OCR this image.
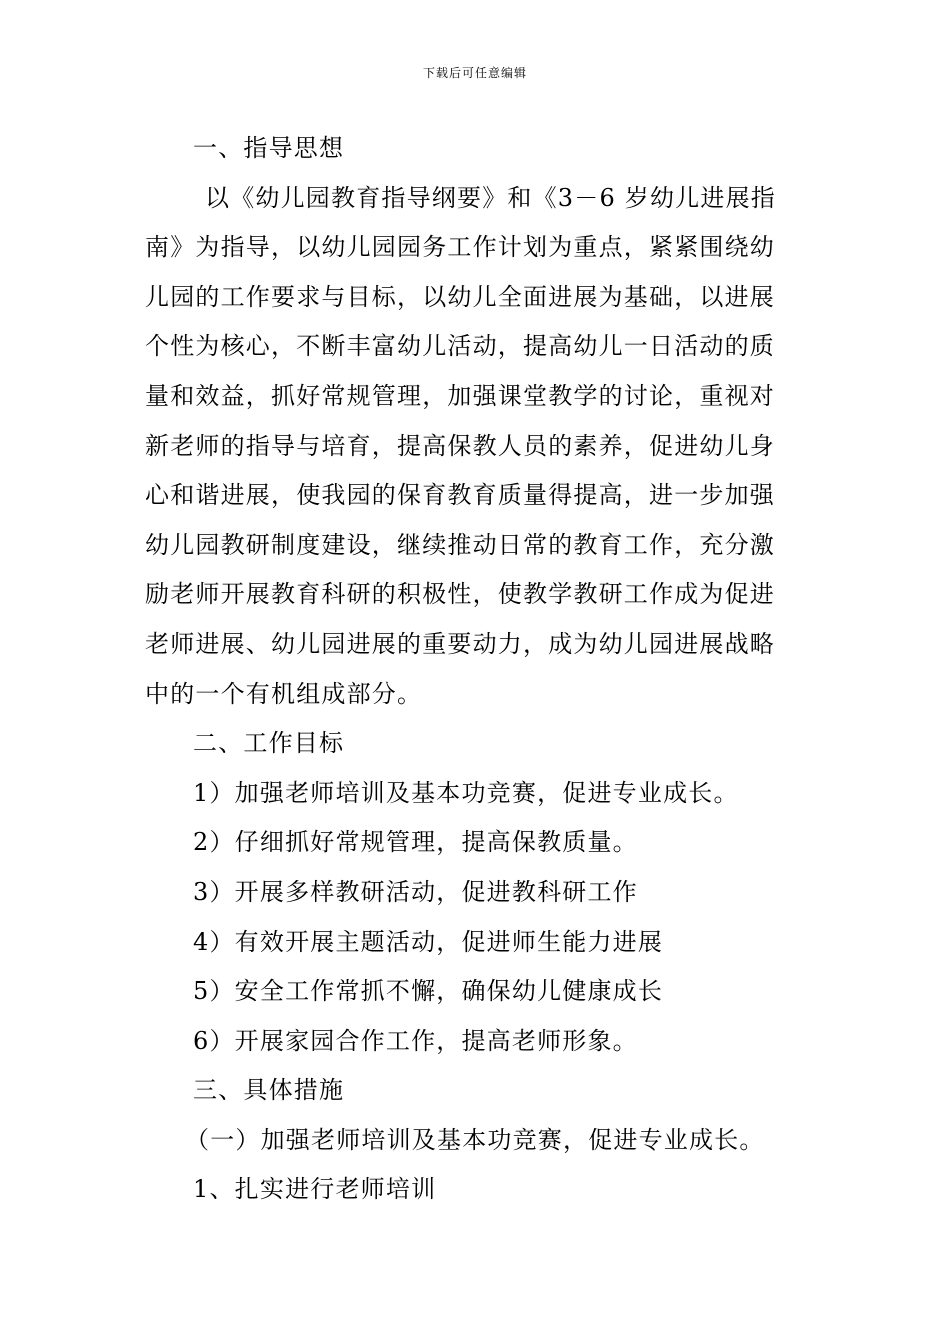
下载后可任意编辑
一、指导思想
以《幼儿园教育指导纲要》和《3－6 岁幼儿进展指
南》为指导，以幼儿园园务工作计划为重点，紧紧围绕幼
儿园的工作要求与目标，以幼儿全面进展为基础，以进展
个性为核心，不断丰富幼儿活动，提高幼儿一日活动的质
量和效益，抓好常规管理，加强课堂教学的讨论，重视对
新老师的指导与培育，提高保教人员的素养，促进幼儿身
心和谐进展，使我园的保育教育质量得提高，进一步加强
幼儿园教研制度建设，继续推动日常的教育工作，充分激
励老师开展教育科研的积极性，使教学教研工作成为促进
老师进展、幼儿园进展的重要动力，成为幼儿园进展战略
中的一个有机组成部分。
二、工作目标
1）加强老师培训及基本功竞赛，促进专业成长。
2）仔细抓好常规管理，提高保教质量。
3）开展多样教研活动，促进教科研工作
4）有效开展主题活动，促进师生能力进展
5）安全工作常抓不懈，确保幼儿健康成长
6）开展家园合作工作，提高老师形象。
三、具体措施
（一）加强老师培训及基本功竞赛，促进专业成长。
1、扎实进行老师培训
